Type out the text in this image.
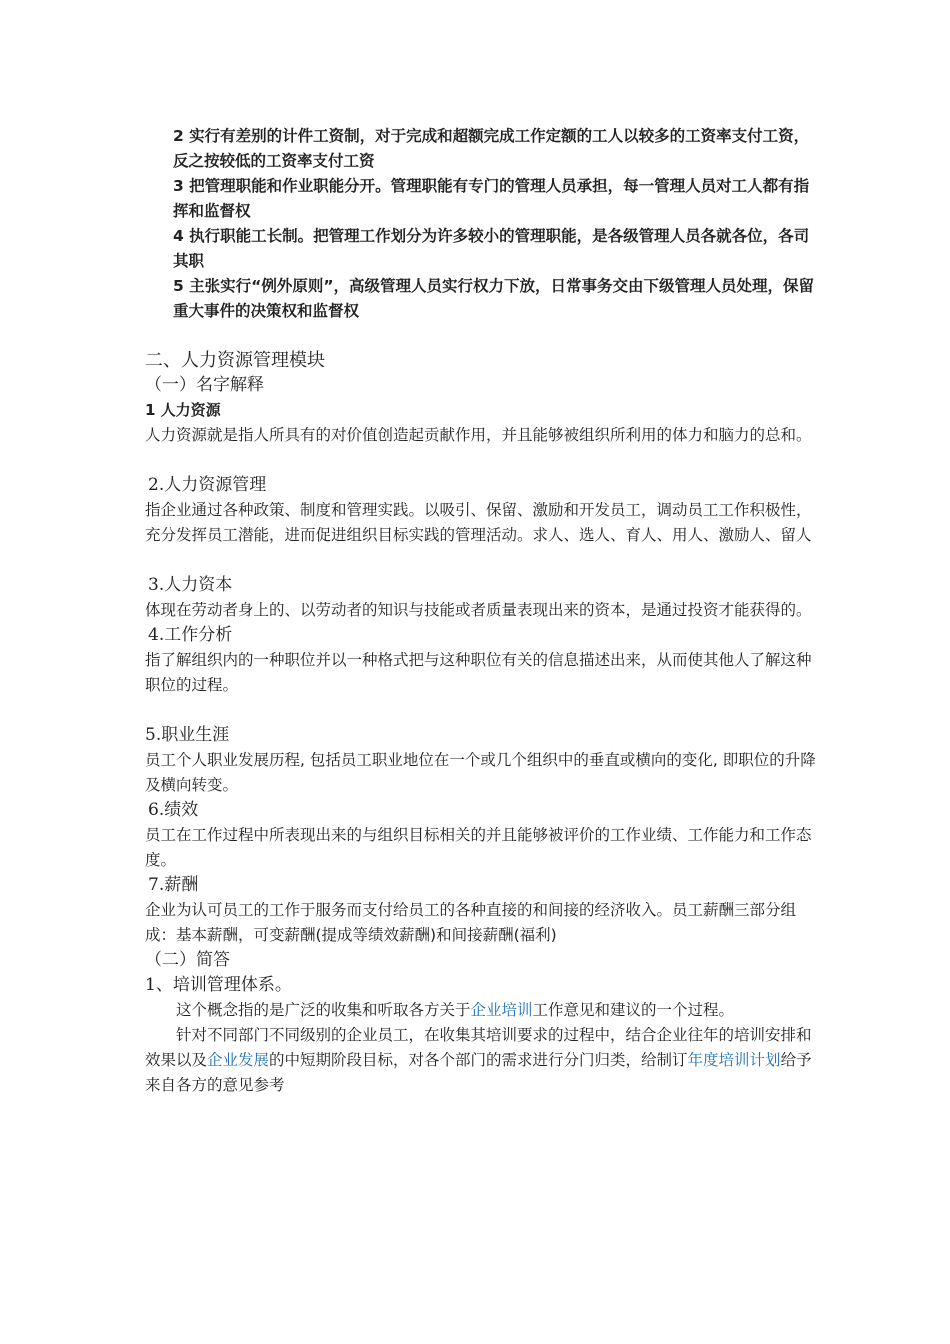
2 实行有差别的计件工资制，对于完成和超额完成工作定额的工人以较多的工资率支付工资，反之按较低的工资率支付工资

3 把管理职能和作业职能分开。管理职能有专门的管理人员承担，每一管理人员对工人都有指挥和监督权

4 执行职能工长制。把管理工作划分为许多较小的管理职能，是各级管理人员各就各位，各司其职

5 主张实行“例外原则”，高级管理人员实行权力下放，日常事务交由下级管理人员处理，保留重大事件的决策权和监督权

二、人力资源管理模块

（一）名字解释

1 人力资源

人力资源就是指人所具有的对价值创造起贡献作用，并且能够被组织所利用的体力和脑力的总和。

2.人力资源管理

指企业通过各种政策、制度和管理实践。以吸引、保留、激励和开发员工，调动员工工作积极性，充分发挥员工潜能，进而促进组织目标实践的管理活动。求人、选人、育人、用人、激励人、留人

3.人力资本

体现在劳动者身上的、以劳动者的知识与技能或者质量表现出来的资本，是通过投资才能获得的。

4.工作分析

指了解组织内的一种职位并以一种格式把与这种职位有关的信息描述出来，从而使其他人了解这种职位的过程。

5.职业生涯

员工个人职业发展历程, 包括员工职业地位在一个或几个组织中的垂直或横向的变化, 即职位的升降及横向转变。

6.绩效

员工在工作过程中所表现出来的与组织目标相关的并且能够被评价的工作业绩、工作能力和工作态度。

7.薪酬

企业为认可员工的工作于服务而支付给员工的各种直接的和间接的经济收入。员工薪酬三部分组成：基本薪酬，可变薪酬(提成等绩效薪酬)和间接薪酬(福利)

（二）简答

1、培训管理体系。

这个概念指的是广泛的收集和听取各方关于企业培训工作意见和建议的一个过程。

针对不同部门不同级别的企业员工，在收集其培训要求的过程中，结合企业往年的培训安排和效果以及企业发展的中短期阶段目标，对各个部门的需求进行分门归类，给制订年度培训计划给予来自各方的意见参考
